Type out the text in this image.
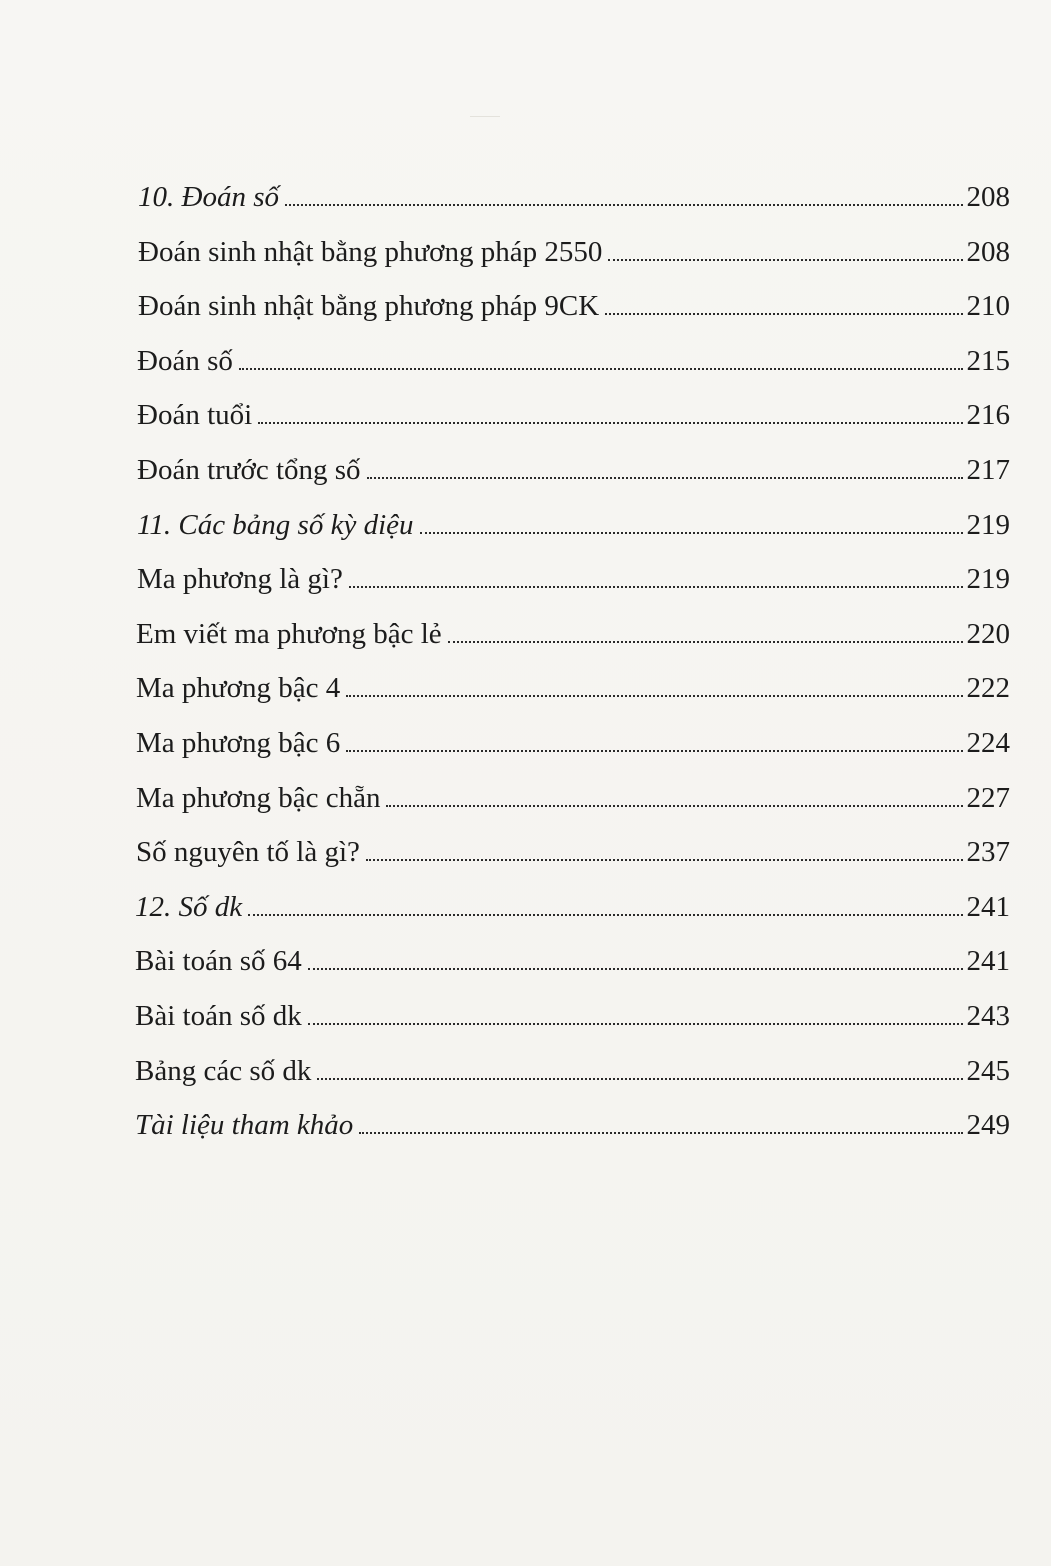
10. Đoán số	208
Đoán sinh nhật bằng phương pháp 2550	208
Đoán sinh nhật bằng phương pháp 9CK	210
Đoán số	215
Đoán tuổi	216
Đoán trước tổng số	217
11. Các bảng số kỳ diệu	219
Ma phương là gì?	219
Em viết ma phương bậc lẻ	220
Ma phương bậc 4	222
Ma phương bậc 6	224
Ma phương bậc chẵn	227
Số nguyên tố là gì?	237
12. Số dk	241
Bài toán số 64	241
Bài toán số dk	243
Bảng các số dk	245
Tài liệu tham khảo	249
